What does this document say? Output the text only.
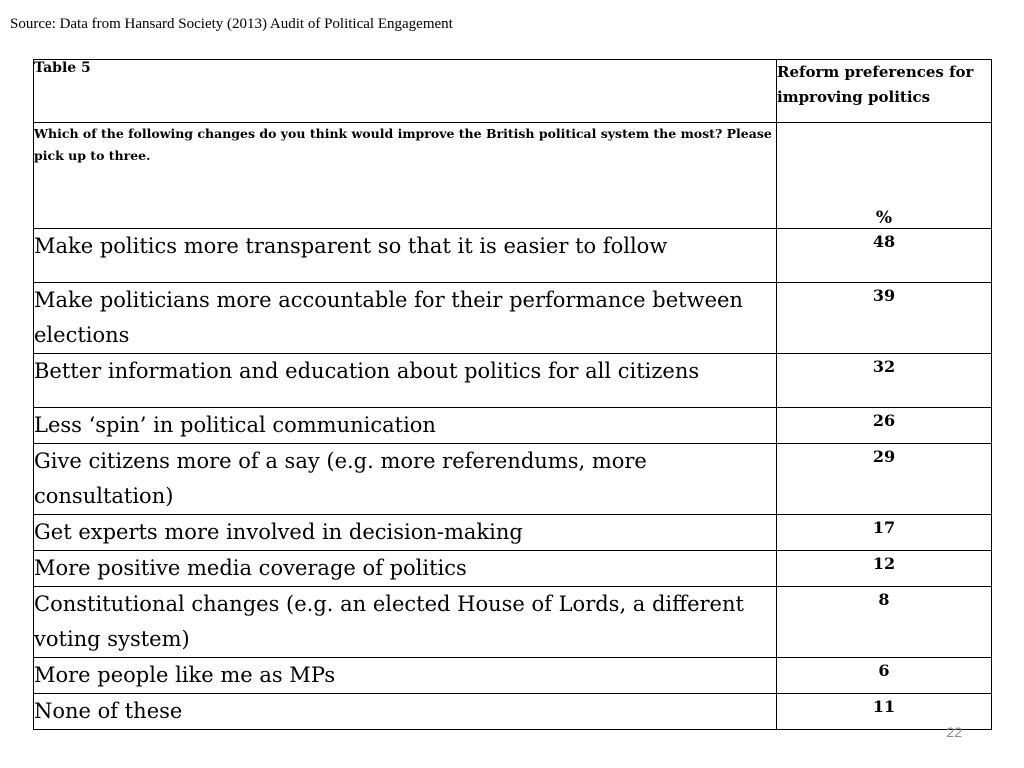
Source: Data from Hansard Society (2013) Audit of Political Engagement
Table 5	Reform preferences for improving politics
Which of the following changes do you think would improve the British political system the most? Please pick up to three.	%

Make politics more transparent so that it is easier to follow	48
Make politicians more accountable for their performance between elections	39
Better information and education about politics for all citizens	32
Less ‘spin’ in political communication	26
Give citizens more of a say (e.g. more referendums, more consultation)	29
Get experts more involved in decision-making	17
More positive media coverage of politics	12
Constitutional changes (e.g. an elected House of Lords, a different voting system)	8
More people like me as MPs	6
None of these	11
22
